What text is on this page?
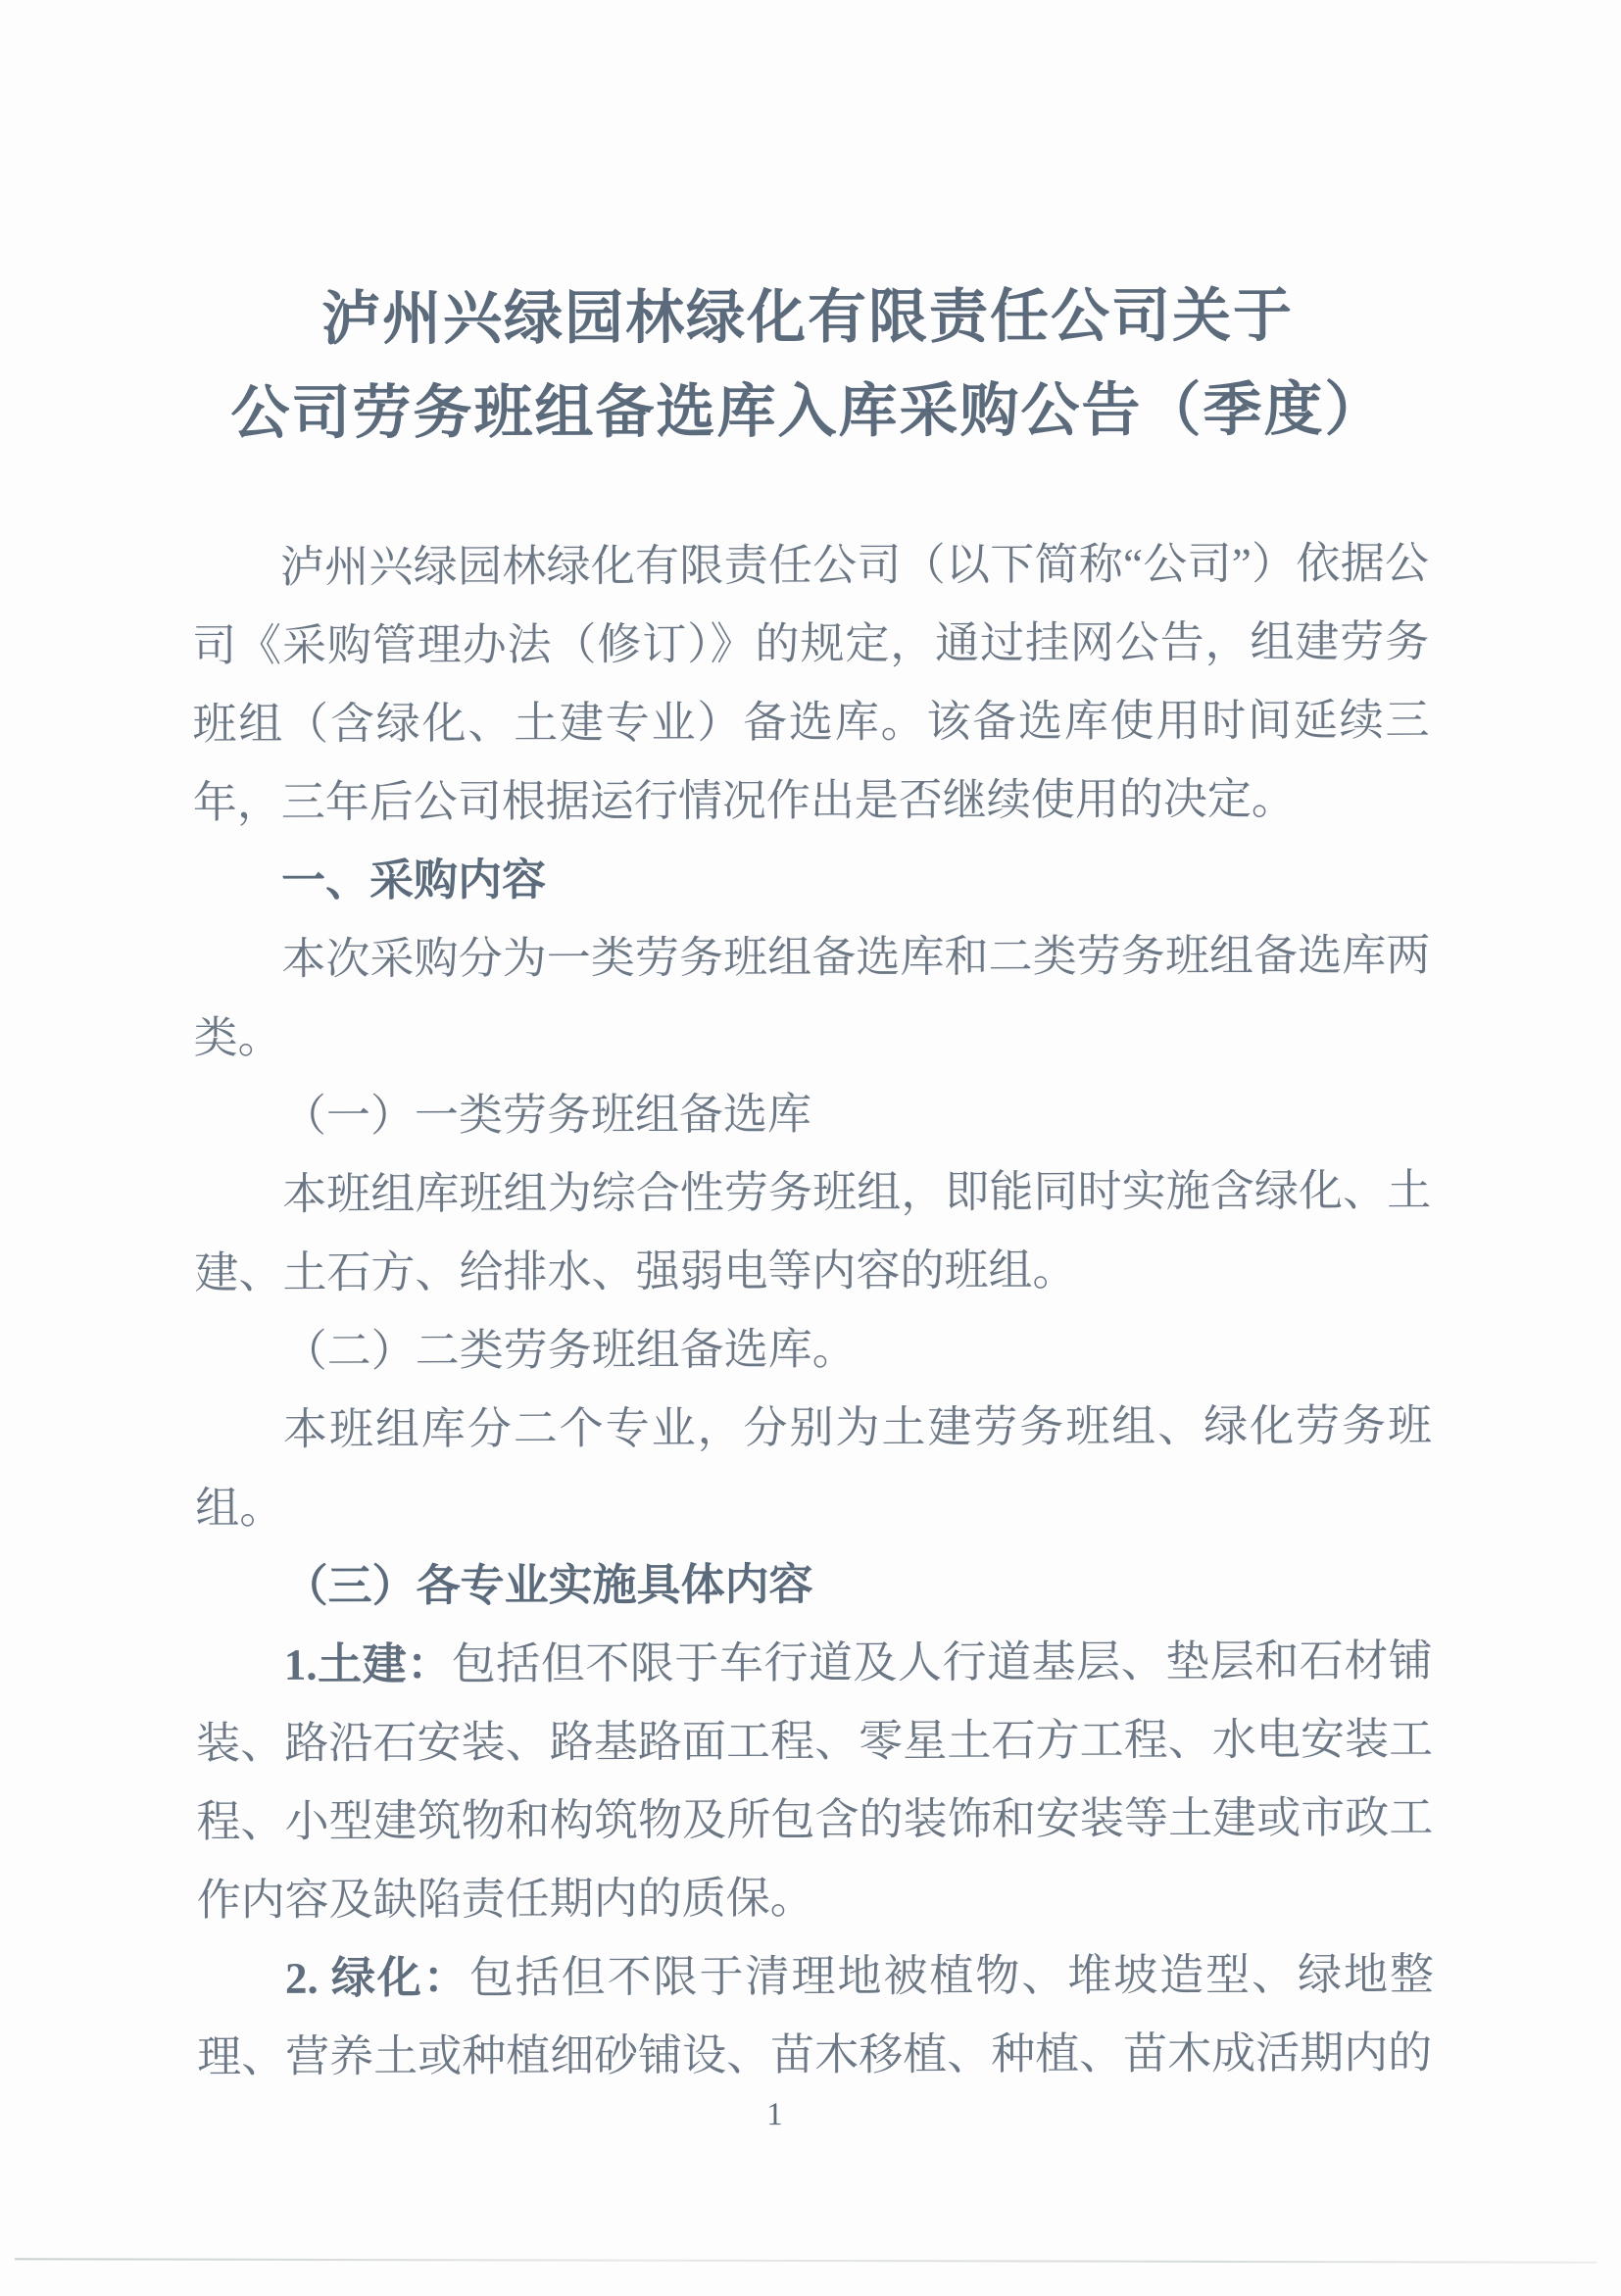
泸州兴绿园林绿化有限责任公司关于
公司劳务班组备选库入库采购公告（季度）

泸州兴绿园林绿化有限责任公司（以下简称“公司”）依据公司《采购管理办法（修订）》的规定，通过挂网公告，组建劳务班组（含绿化、土建专业）备选库。该备选库使用时间延续三年，三年后公司根据运行情况作出是否继续使用的决定。

一、采购内容

本次采购分为一类劳务班组备选库和二类劳务班组备选库两类。

（一）一类劳务班组备选库

本班组库班组为综合性劳务班组，即能同时实施含绿化、土建、土石方、给排水、强弱电等内容的班组。

（二）二类劳务班组备选库。

本班组库分二个专业，分别为土建劳务班组、绿化劳务班组。

（三）各专业实施具体内容

1.土建：包括但不限于车行道及人行道基层、垫层和石材铺装、路沿石安装、路基路面工程、零星土石方工程、水电安装工程、小型建筑物和构筑物及所包含的装饰和安装等土建或市政工作内容及缺陷责任期内的质保。

2. 绿化：包括但不限于清理地被植物、堆坡造型、绿地整理、营养土或种植细砂铺设、苗木移植、种植、苗木成活期内的

1
